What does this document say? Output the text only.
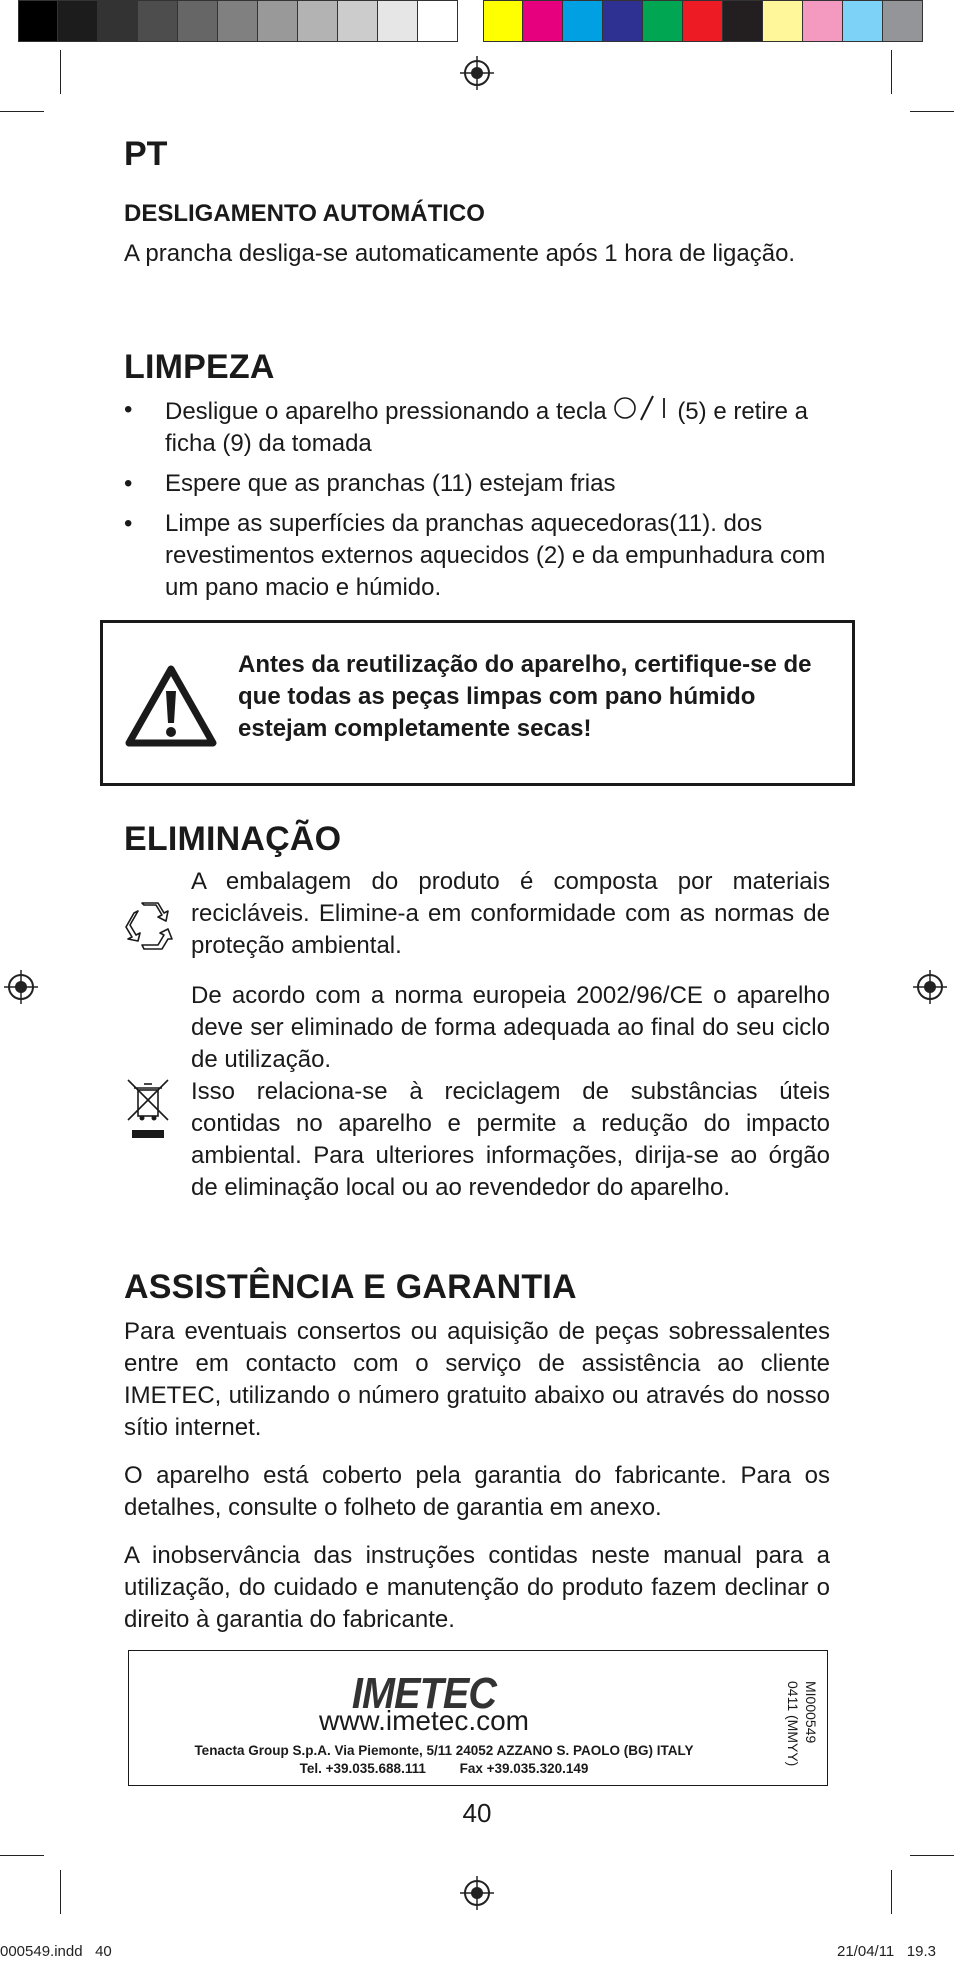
PT
DESLIGAMENTO AUTOMÁTICO

A prancha desliga-se automaticamente após 1 hora de ligação.

LIMPEZA
• Desligue o aparelho pressionando a tecla	(5) e retire a ficha (9) da tomada
• Espere que as pranchas (11) estejam frias
• Limpe as superfícies da pranchas aquecedoras(11). dos revestimentos externos aquecidos (2) e da empunhadura com um pano macio e húmido.
Antes da reutilização do aparelho, certifique-se de que todas as peças limpas com pano húmido estejam completamente secas!
ELIMINAÇÃO

A embalagem do produto é composta por materiais recicláveis. Elimine-a em conformidade com as normas de proteção ambiental.

De acordo com a norma europeia 2002/96/CE o aparelho deve ser eliminado de forma adequada ao final do seu ciclo de utilização.

Isso relaciona-se à reciclagem de substâncias úteis contidas no aparelho e permite a redução do impacto ambiental. Para ulteriores informações, dirija-se ao órgão de eliminação local ou ao revendedor do aparelho.

ASSISTÊNCIA E GARANTIA

Para eventuais consertos ou aquisição de peças sobressalentes entre em contacto com o serviço de assistência ao cliente IMETEC, utilizando o número gratuito abaixo ou através do nosso sítio internet.

O aparelho está coberto pela garantia do fabricante. Para os detalhes, consulte o folheto de garantia em anexo.

A inobservância das instruções contidas neste manual para a utilização, do cuidado e manutenção do produto fazem declinar o direito à garantia do fabricante.

IMETEC
www.imetec.com
Tenacta Group S.p.A. Via Piemonte, 5/11 24052 AZZANO S. PAOLO (BG) ITALY
Tel. +39.035.688.111	Fax +39.035.320.149
MI000549
0411 (MMYY)
40
000549.indd   40	21/04/11   19.3
